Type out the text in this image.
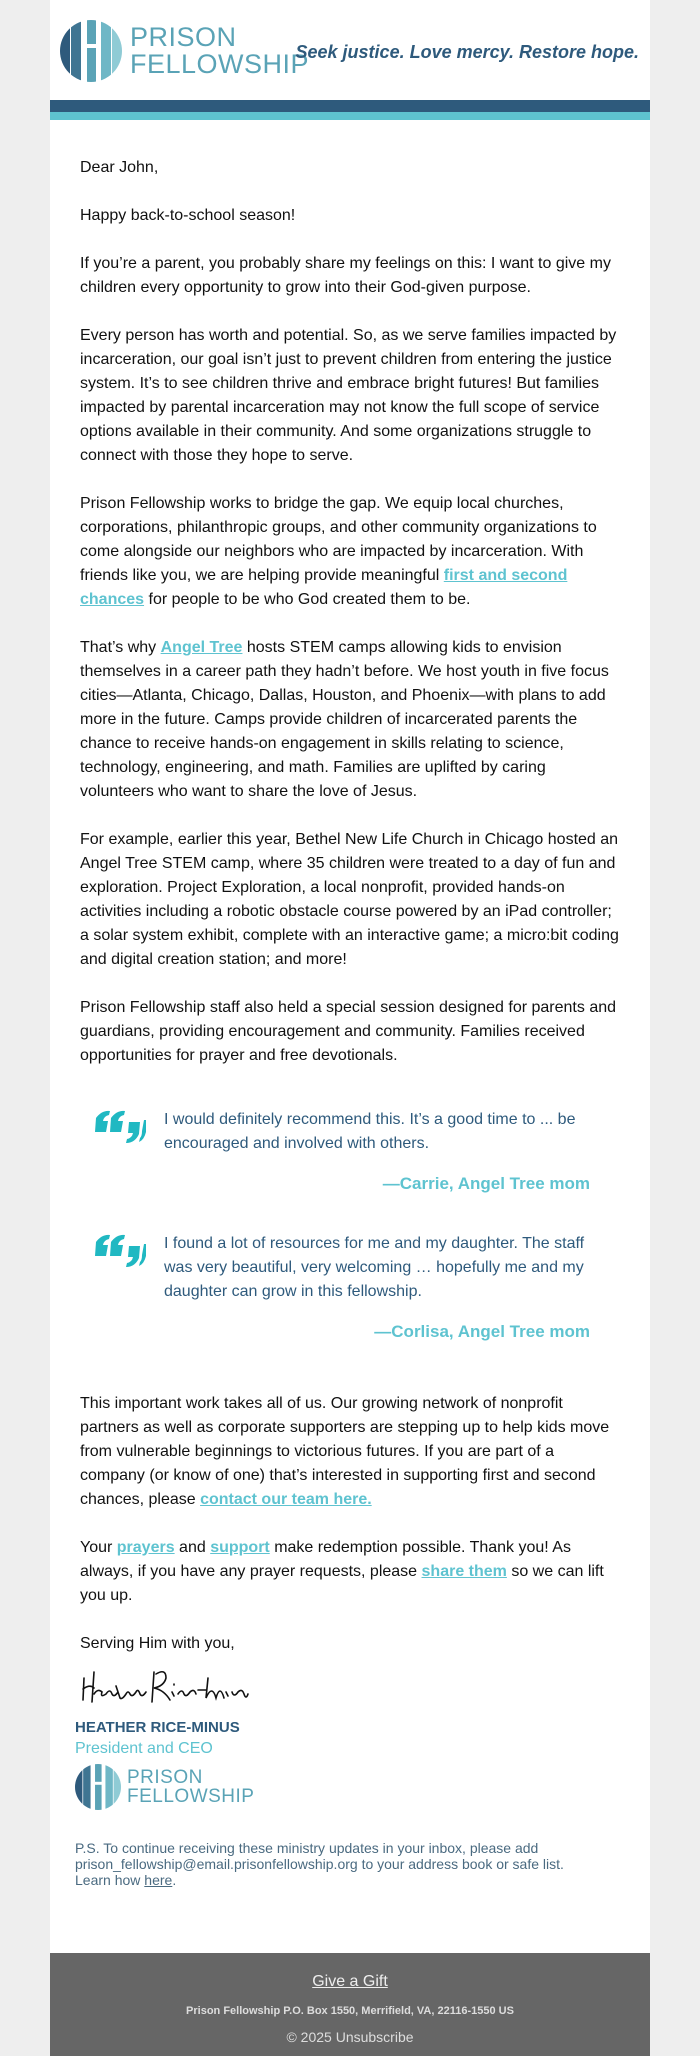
PRISON
FELLOWSHIP
Seek justice. Love mercy. Restore hope.

Dear John,

Happy back-to-school season!

If you’re a parent, you probably share my feelings on this: I want to give my children every opportunity to grow into their God-given purpose.

Every person has worth and potential. So, as we serve families impacted by incarceration, our goal isn’t just to prevent children from entering the justice system. It’s to see children thrive and embrace bright futures! But families impacted by parental incarceration may not know the full scope of service options available in their community. And some organizations struggle to connect with those they hope to serve.

Prison Fellowship works to bridge the gap. We equip local churches, corporations, philanthropic groups, and other community organizations to come alongside our neighbors who are impacted by incarceration. With friends like you, we are helping provide meaningful first and second chances for people to be who God created them to be.

That’s why Angel Tree hosts STEM camps allowing kids to envision themselves in a career path they hadn’t before. We host youth in five focus cities—Atlanta, Chicago, Dallas, Houston, and Phoenix—with plans to add more in the future. Camps provide children of incarcerated parents the chance to receive hands-on engagement in skills relating to science, technology, engineering, and math. Families are uplifted by caring volunteers who want to share the love of Jesus.

For example, earlier this year, Bethel New Life Church in Chicago hosted an Angel Tree STEM camp, where 35 children were treated to a day of fun and exploration. Project Exploration, a local nonprofit, provided hands-on activities including a robotic obstacle course powered by an iPad controller; a solar system exhibit, complete with an interactive game; a micro:bit coding and digital creation station; and more!

Prison Fellowship staff also held a special session designed for parents and guardians, providing encouragement and community. Families received opportunities for prayer and free devotionals.

I would definitely recommend this. It’s a good time to ... be encouraged and involved with others.
—Carrie, Angel Tree mom
I found a lot of resources for me and my daughter. The staff was very beautiful, very welcoming … hopefully me and my daughter can grow in this fellowship.
—Corlisa, Angel Tree mom

This important work takes all of us. Our growing network of nonprofit partners as well as corporate supporters are stepping up to help kids move from vulnerable beginnings to victorious futures. If you are part of a company (or know of one) that’s interested in supporting first and second chances, please contact our team here.

Your prayers and support make redemption possible. Thank you! As always, if you have any prayer requests, please share them so we can lift you up.

Serving Him with you,

HEATHER RICE-MINUS
President and CEO
PRISON
FELLOWSHIP
P.S. To continue receiving these ministry updates in your inbox, please add prison_fellowship@email.prisonfellowship.org to your address book or safe list. Learn how here.
Give a Gift
Prison Fellowship P.O. Box 1550, Merrifield, VA, 22116-1550 US
© 2025 Unsubscribe
